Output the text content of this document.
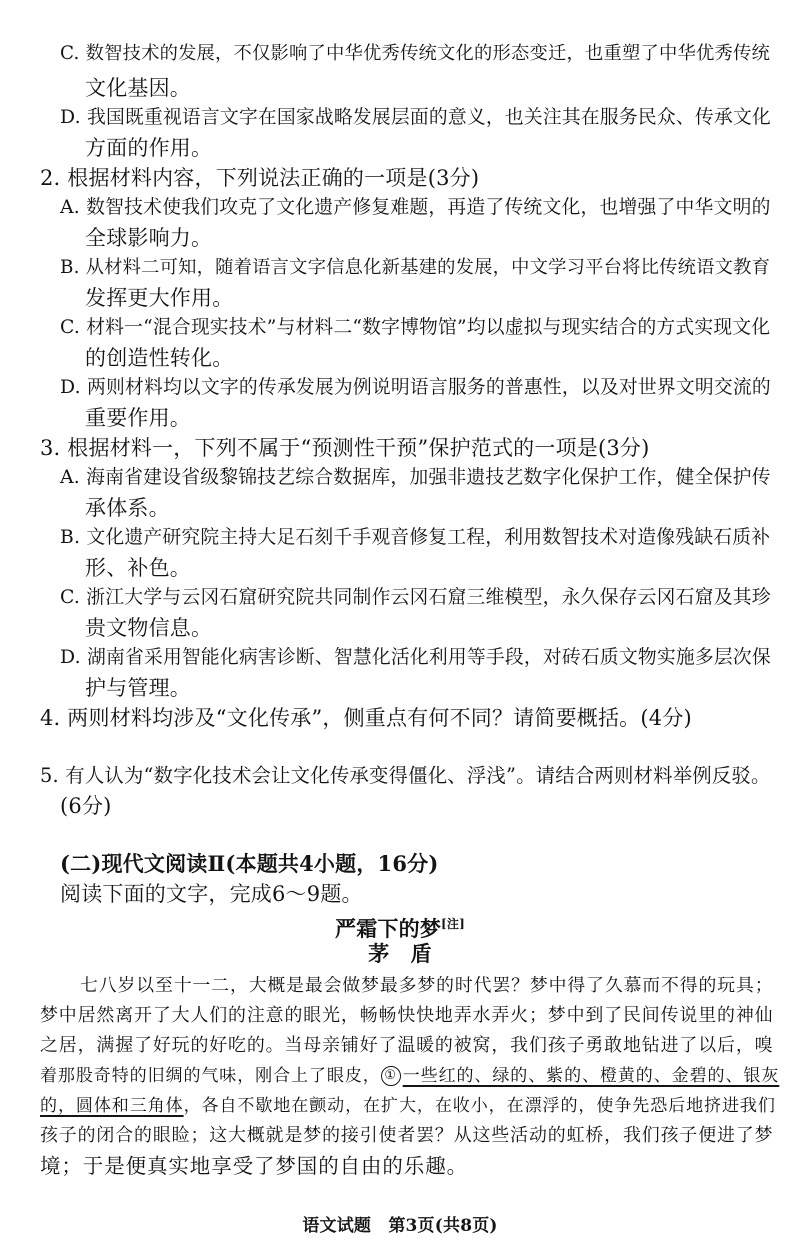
C. 数智技术的发展，不仅影响了中华优秀传统文化的形态变迁，也重塑了中华优秀传统
文化基因。
D. 我国既重视语言文字在国家战略发展层面的意义，也关注其在服务民众、传承文化
方面的作用。
2. 根据材料内容，下列说法正确的一项是(3分)
A. 数智技术使我们攻克了文化遗产修复难题，再造了传统文化，也增强了中华文明的
全球影响力。
B. 从材料二可知，随着语言文字信息化新基建的发展，中文学习平台将比传统语文教育
发挥更大作用。
C. 材料一“混合现实技术”与材料二“数字博物馆”均以虚拟与现实结合的方式实现文化
的创造性转化。
D. 两则材料均以文字的传承发展为例说明语言服务的普惠性，以及对世界文明交流的
重要作用。
3. 根据材料一，下列不属于“预测性干预”保护范式的一项是(3分)
A. 海南省建设省级黎锦技艺综合数据库，加强非遗技艺数字化保护工作，健全保护传
承体系。
B. 文化遗产研究院主持大足石刻千手观音修复工程，利用数智技术对造像残缺石质补
形、补色。
C. 浙江大学与云冈石窟研究院共同制作云冈石窟三维模型，永久保存云冈石窟及其珍
贵文物信息。
D. 湖南省采用智能化病害诊断、智慧化活化利用等手段，对砖石质文物实施多层次保
护与管理。
4. 两则材料均涉及“文化传承”，侧重点有何不同？请简要概括。(4分)
5. 有人认为“数字化技术会让文化传承变得僵化、浮浅”。请结合两则材料举例反驳。
(6分)
(二)现代文阅读Ⅱ(本题共4小题，16分)
阅读下面的文字，完成6～9题。
严霜下的梦[注]
茅　盾
七八岁以至十一二，大概是最会做梦最多梦的时代罢？梦中得了久慕而不得的玩具；
梦中居然离开了大人们的注意的眼光，畅畅快快地弄水弄火；梦中到了民间传说里的神仙
之居，满握了好玩的好吃的。当母亲铺好了温暖的被窝，我们孩子勇敢地钻进了以后，嗅
着那股奇特的旧绸的气味，刚合上了眼皮， ① 一些红的、绿的、紫的、橙黄的、金碧的、银灰
的，圆体和三角体，各自不歇地在颤动，在扩大，在收小，在漂浮的，使争先恐后地挤进我们
孩子的闭合的眼睑；这大概就是梦的接引使者罢？从这些活动的虹桥，我们孩子便进了梦
境；于是便真实地享受了梦国的自由的乐趣。
语文试题　第3页(共8页)
